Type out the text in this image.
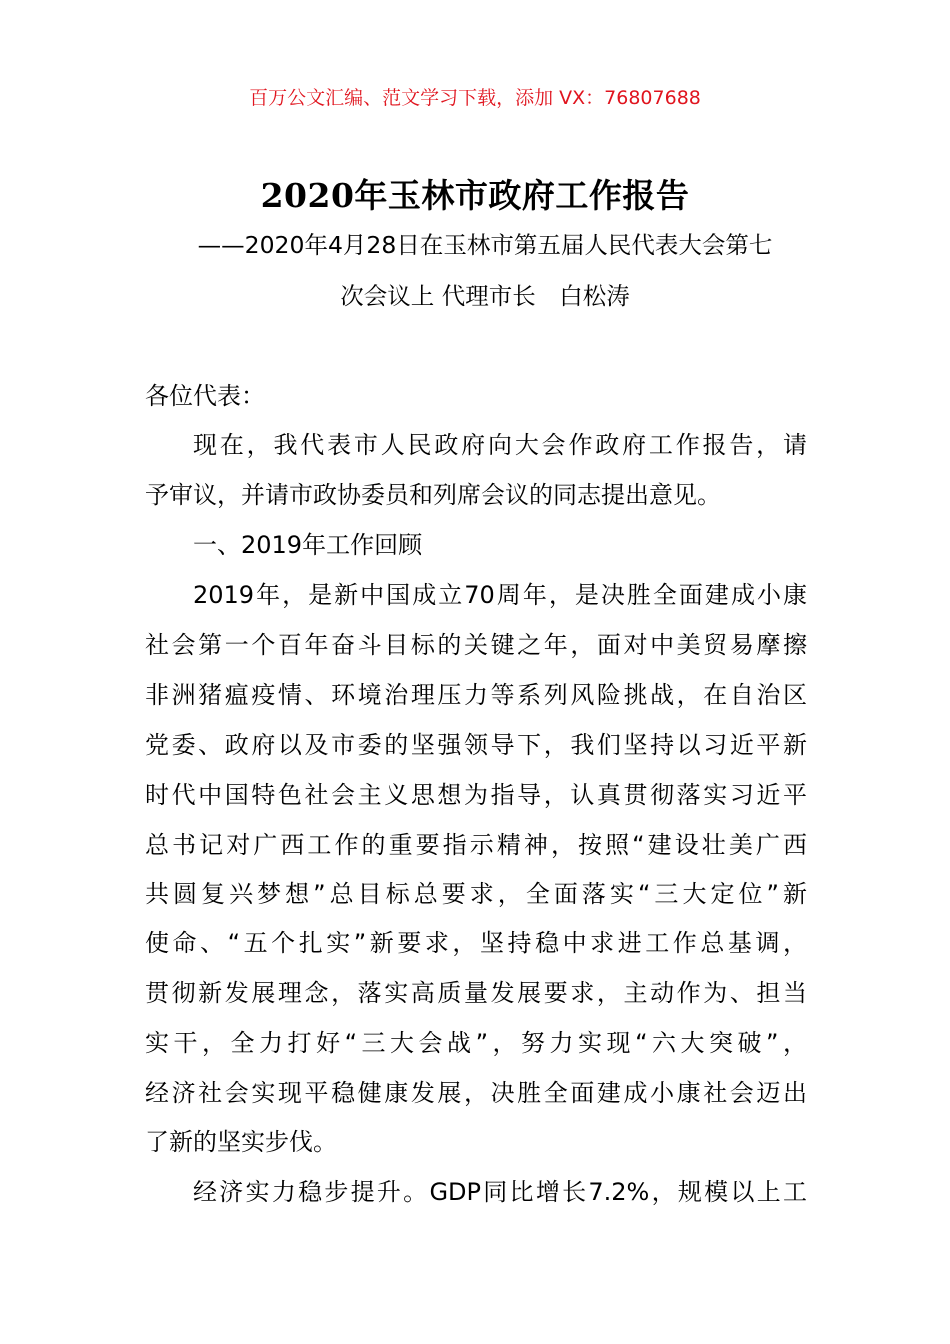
百万公文汇编、范文学习下载，添加 VX：76807688
2020年玉林市政府工作报告
——2020年4月28日在玉林市第五届人民代表大会第七
次会议上 代理市长　白松涛
各位代表：
现在，我代表市人民政府向大会作政府工作报告，请
予审议，并请市政协委员和列席会议的同志提出意见。
一、2019年工作回顾
2019年，是新中国成立70周年，是决胜全面建成小康
社会第一个百年奋斗目标的关键之年，面对中美贸易摩擦
非洲猪瘟疫情、环境治理压力等系列风险挑战，在自治区
党委、政府以及市委的坚强领导下，我们坚持以习近平新
时代中国特色社会主义思想为指导，认真贯彻落实习近平
总书记对广西工作的重要指示精神，按照“建设壮美广西
共圆复兴梦想”总目标总要求，全面落实“三大定位”新
使命、“五个扎实”新要求，坚持稳中求进工作总基调，
贯彻新发展理念，落实高质量发展要求，主动作为、担当
实干，全力打好“三大会战”，努力实现“六大突破”，
经济社会实现平稳健康发展，决胜全面建成小康社会迈出
了新的坚实步伐。
经济实力稳步提升。GDP同比增长7.2%，规模以上工
